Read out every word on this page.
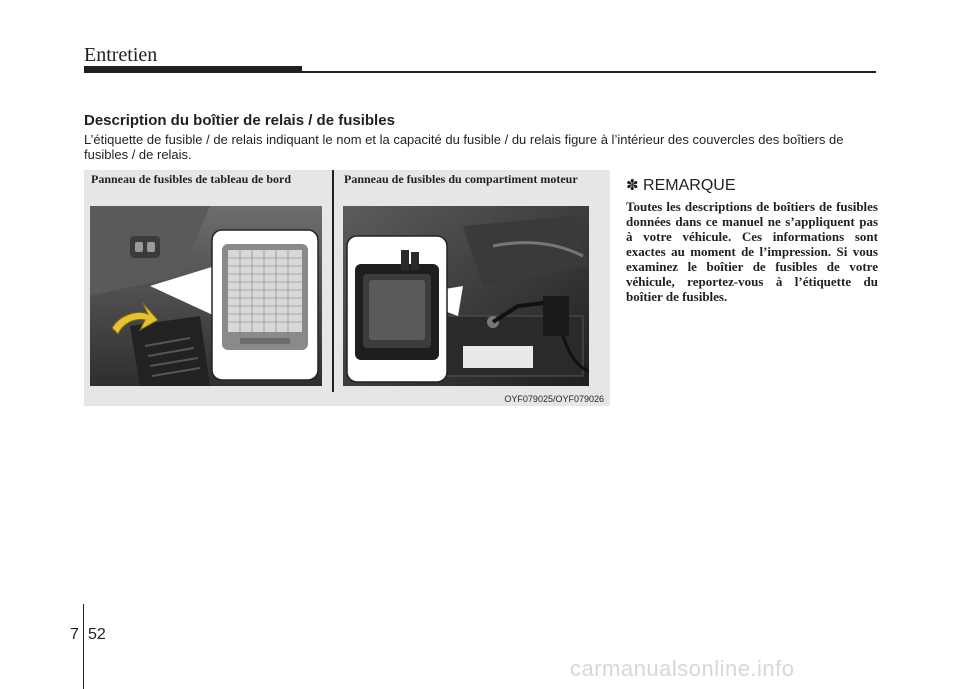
Entretien
Description du boîtier de relais / de fusibles
L’étiquette de fusible / de relais indiquant le nom et la capacité du fusible / du relais figure à l’intérieur des couvercles des boîtiers de fusibles / de relais.
Panneau de fusibles de tableau de bord	Panneau de fusibles du compartiment moteur
OYF079025/OYF079026
✽ REMARQUE
Toutes les descriptions de boîtiers de fusibles données dans ce manuel ne s’appliquent pas à votre véhicule. Ces informations sont exactes au moment de l’impression. Si vous examinez le boîtier de fusibles de votre véhicule, reportez-vous à l’étiquette du boîtier de fusibles.
7 52
carmanualsonline.info
